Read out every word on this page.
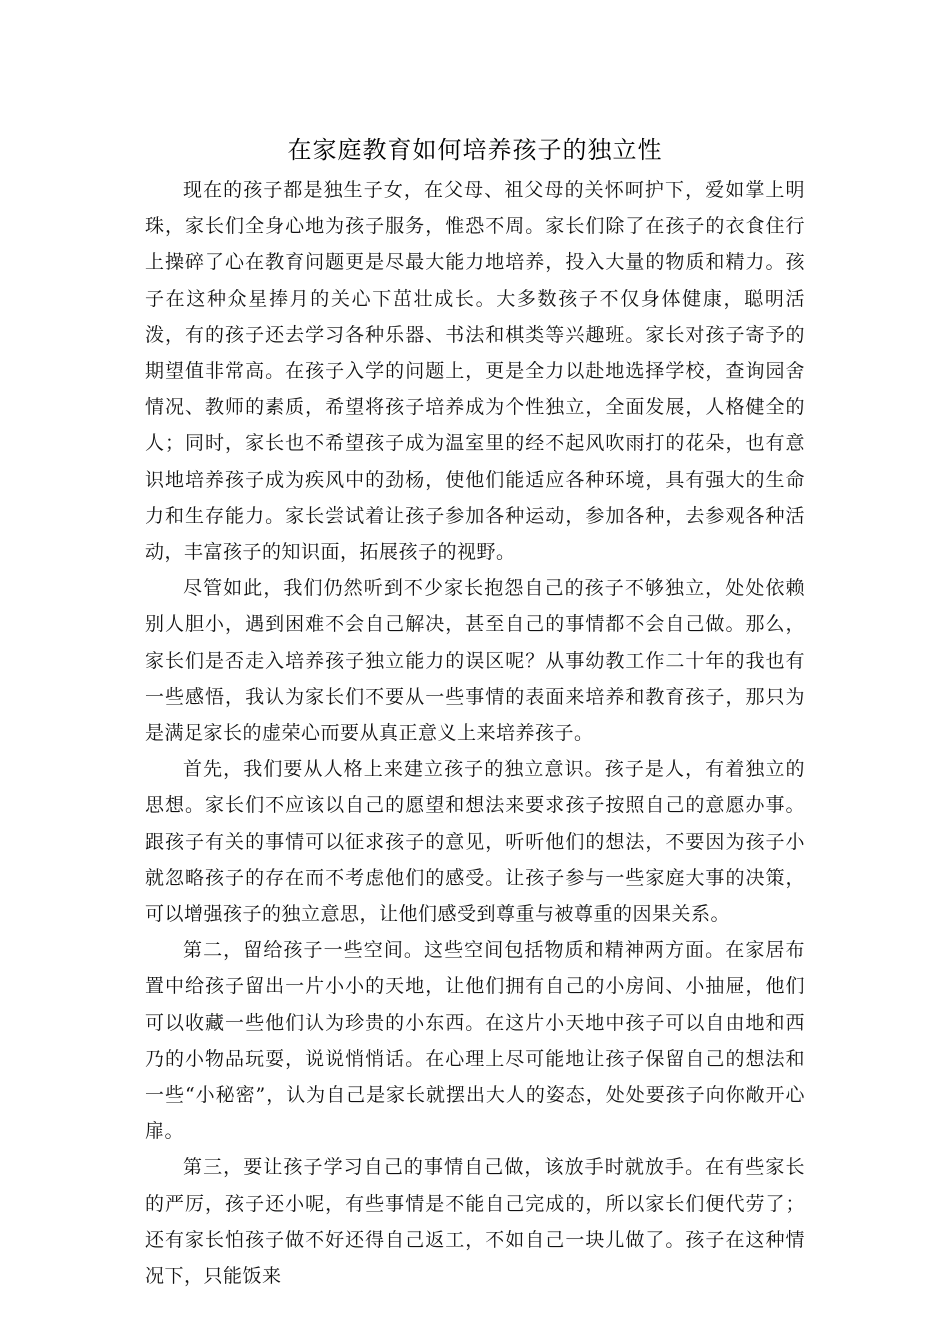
在家庭教育如何培养孩子的独立性

现在的孩子都是独生子女，在父母、祖父母的关怀呵护下，爱如掌上明珠，家长们全身心地为孩子服务，惟恐不周。家长们除了在孩子的衣食住行上操碎了心在教育问题更是尽最大能力地培养，投入大量的物质和精力。孩子在这种众星捧月的关心下茁壮成长。大多数孩子不仅身体健康，聪明活泼，有的孩子还去学习各种乐器、书法和棋类等兴趣班。家长对孩子寄予的期望值非常高。在孩子入学的问题上，更是全力以赴地选择学校，查询园舍情况、教师的素质，希望将孩子培养成为个性独立，全面发展，人格健全的人；同时，家长也不希望孩子成为温室里的经不起风吹雨打的花朵，也有意识地培养孩子成为疾风中的劲杨，使他们能适应各种环境，具有强大的生命力和生存能力。家长尝试着让孩子参加各种运动，参加各种，去参观各种活动，丰富孩子的知识面，拓展孩子的视野。

尽管如此，我们仍然听到不少家长抱怨自己的孩子不够独立，处处依赖别人胆小，遇到困难不会自己解决，甚至自己的事情都不会自己做。那么，家长们是否走入培养孩子独立能力的误区呢？从事幼教工作二十年的我也有一些感悟，我认为家长们不要从一些事情的表面来培养和教育孩子，那只为是满足家长的虚荣心而要从真正意义上来培养孩子。

首先，我们要从人格上来建立孩子的独立意识。孩子是人，有着独立的思想。家长们不应该以自己的愿望和想法来要求孩子按照自己的意愿办事。跟孩子有关的事情可以征求孩子的意见，听听他们的想法，不要因为孩子小就忽略孩子的存在而不考虑他们的感受。让孩子参与一些家庭大事的决策，可以增强孩子的独立意思，让他们感受到尊重与被尊重的因果关系。

第二，留给孩子一些空间。这些空间包括物质和精神两方面。在家居布置中给孩子留出一片小小的天地，让他们拥有自己的小房间、小抽屉，他们可以收藏一些他们认为珍贵的小东西。在这片小天地中孩子可以自由地和西乃的小物品玩耍，说说悄悄话。在心理上尽可能地让孩子保留自己的想法和一些“小秘密”，认为自己是家长就摆出大人的姿态，处处要孩子向你敞开心扉。

第三，要让孩子学习自己的事情自己做，该放手时就放手。在有些家长的严厉，孩子还小呢，有些事情是不能自己完成的，所以家长们便代劳了；还有家长怕孩子做不好还得自己返工，不如自己一块儿做了。孩子在这种情况下，只能饭来
